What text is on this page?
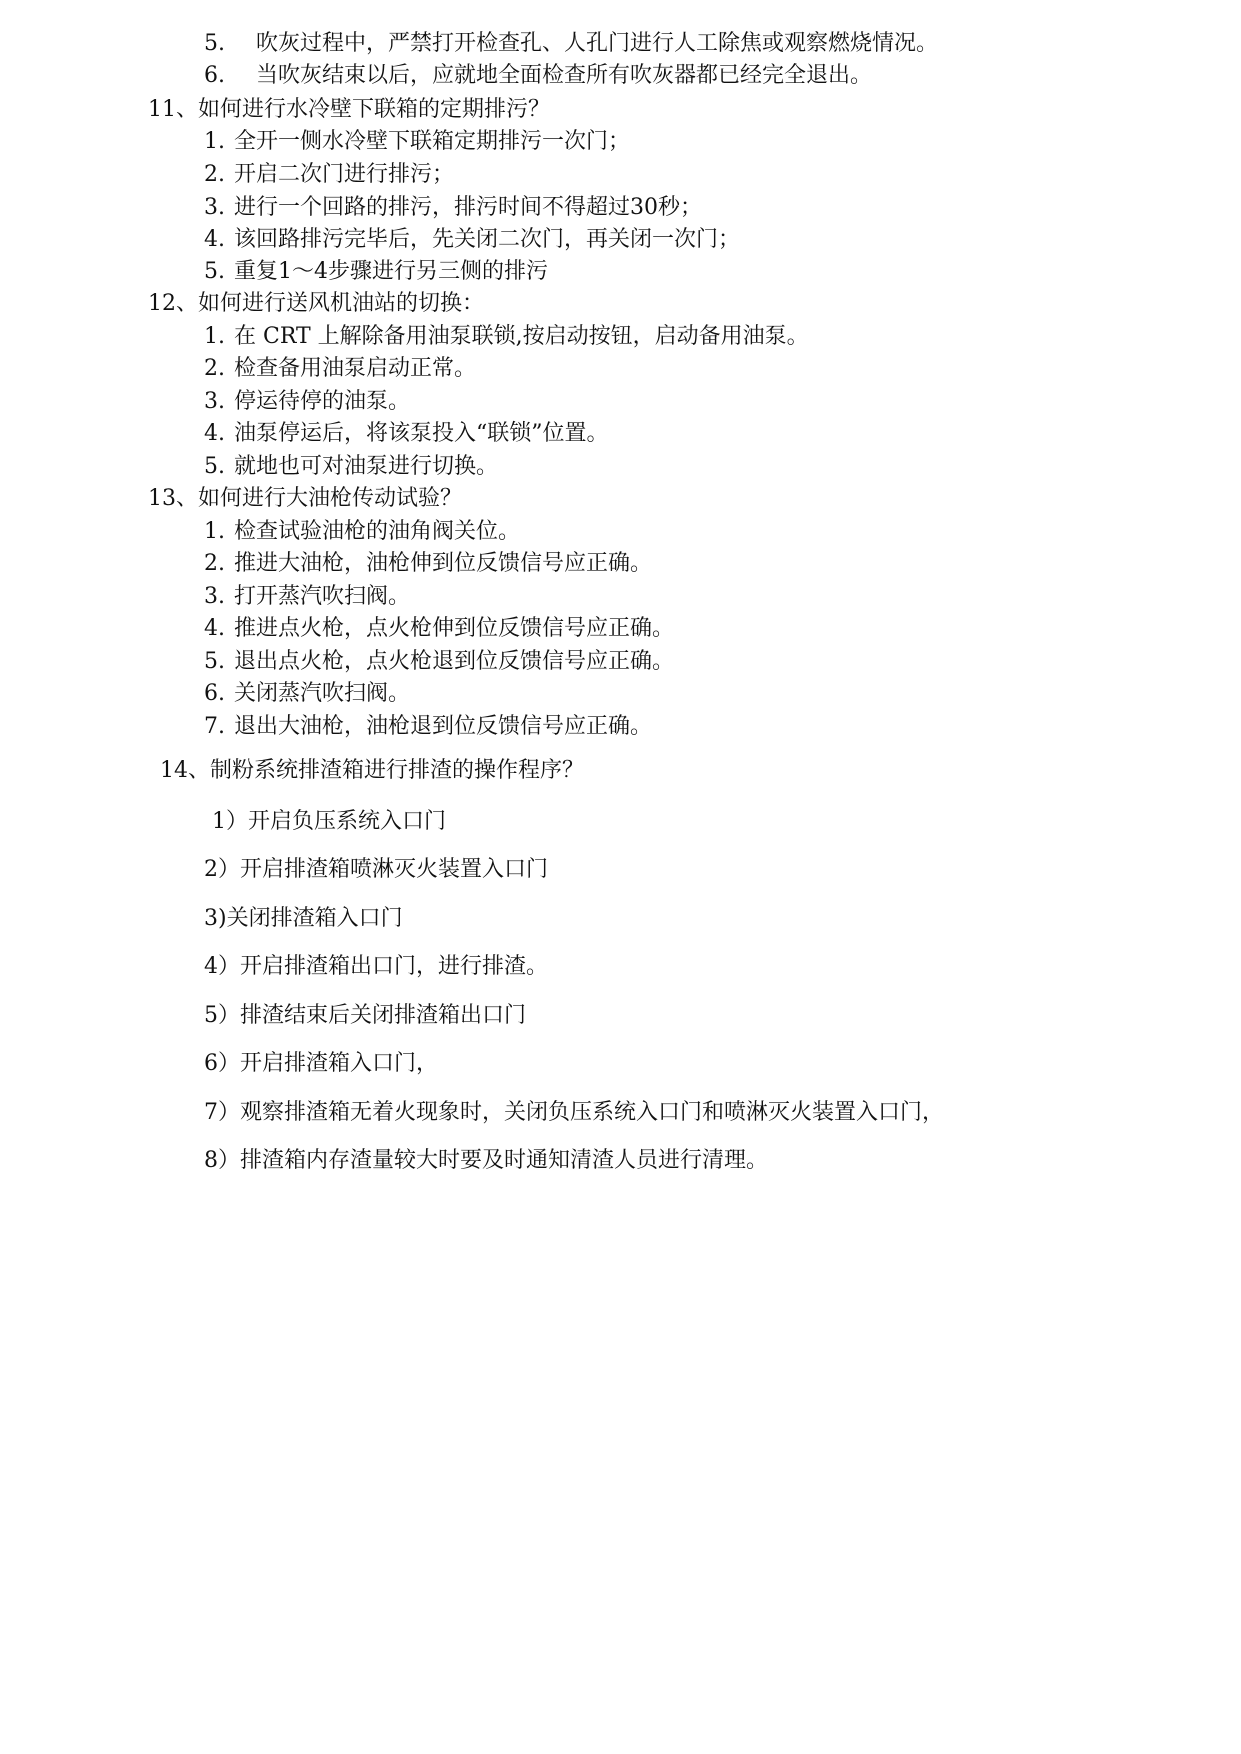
5. 吹灰过程中，严禁打开检查孔、人孔门进行人工除焦或观察燃烧情况。
6. 当吹灰结束以后，应就地全面检查所有吹灰器都已经完全退出。
11、如何进行水冷壁下联箱的定期排污？
1. 全开一侧水冷壁下联箱定期排污一次门；
2. 开启二次门进行排污；
3. 进行一个回路的排污，排污时间不得超过30秒；
4. 该回路排污完毕后，先关闭二次门，再关闭一次门；
5. 重复1～4步骤进行另三侧的排污
12、如何进行送风机油站的切换：
1. 在 CRT 上解除备用油泵联锁,按启动按钮，启动备用油泵。
2. 检查备用油泵启动正常。
3. 停运待停的油泵。
4. 油泵停运后，将该泵投入“联锁”位置。
5. 就地也可对油泵进行切换。
13、如何进行大油枪传动试验？
1. 检查试验油枪的油角阀关位。
2. 推进大油枪，油枪伸到位反馈信号应正确。
3. 打开蒸汽吹扫阀。
4. 推进点火枪，点火枪伸到位反馈信号应正确。
5. 退出点火枪，点火枪退到位反馈信号应正确。
6. 关闭蒸汽吹扫阀。
7. 退出大油枪，油枪退到位反馈信号应正确。
14、制粉系统排渣箱进行排渣的操作程序？
1）开启负压系统入口门
2）开启排渣箱喷淋灭火装置入口门
3)关闭排渣箱入口门
4）开启排渣箱出口门，进行排渣。
5）排渣结束后关闭排渣箱出口门
6）开启排渣箱入口门，
7）观察排渣箱无着火现象时，关闭负压系统入口门和喷淋灭火装置入口门，
8）排渣箱内存渣量较大时要及时通知清渣人员进行清理。
